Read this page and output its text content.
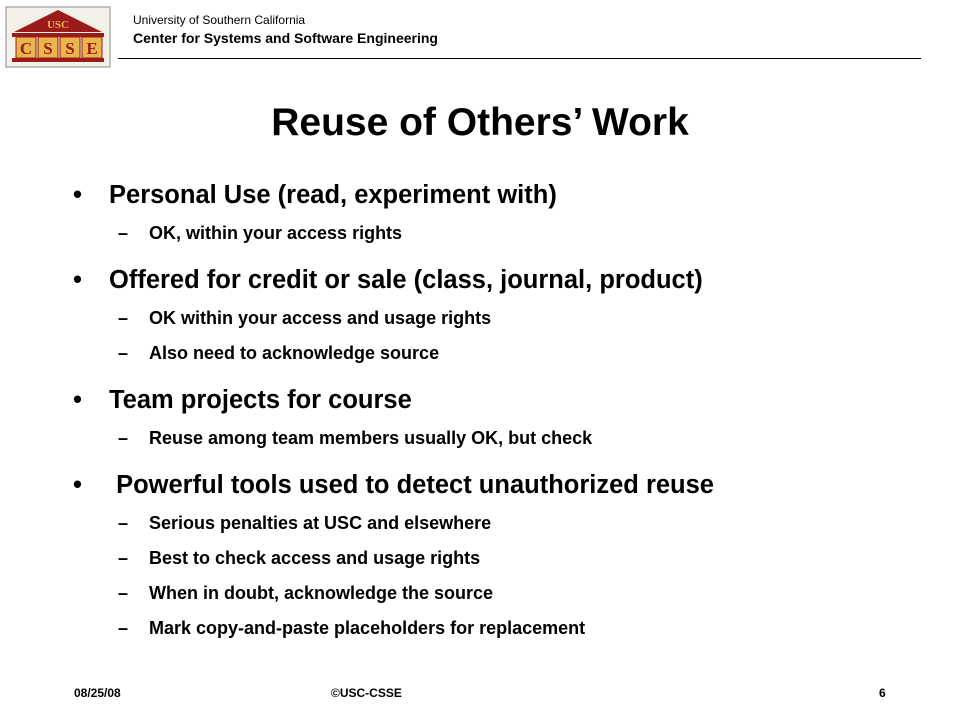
USC
C S S E
University of Southern California
Center for Systems and Software Engineering
Reuse of Others’ Work
• Personal Use (read, experiment with)
– OK, within your access rights
• Offered for credit or sale (class, journal, product)
– OK within your access and usage rights
– Also need to acknowledge source
• Team projects for course
– Reuse among team members usually OK, but check
• Powerful tools used to detect unauthorized reuse
– Serious penalties at USC and elsewhere
– Best to check access and usage rights
– When in doubt, acknowledge the source
– Mark copy-and-paste placeholders for replacement
08/25/08	©USC-CSSE	6
